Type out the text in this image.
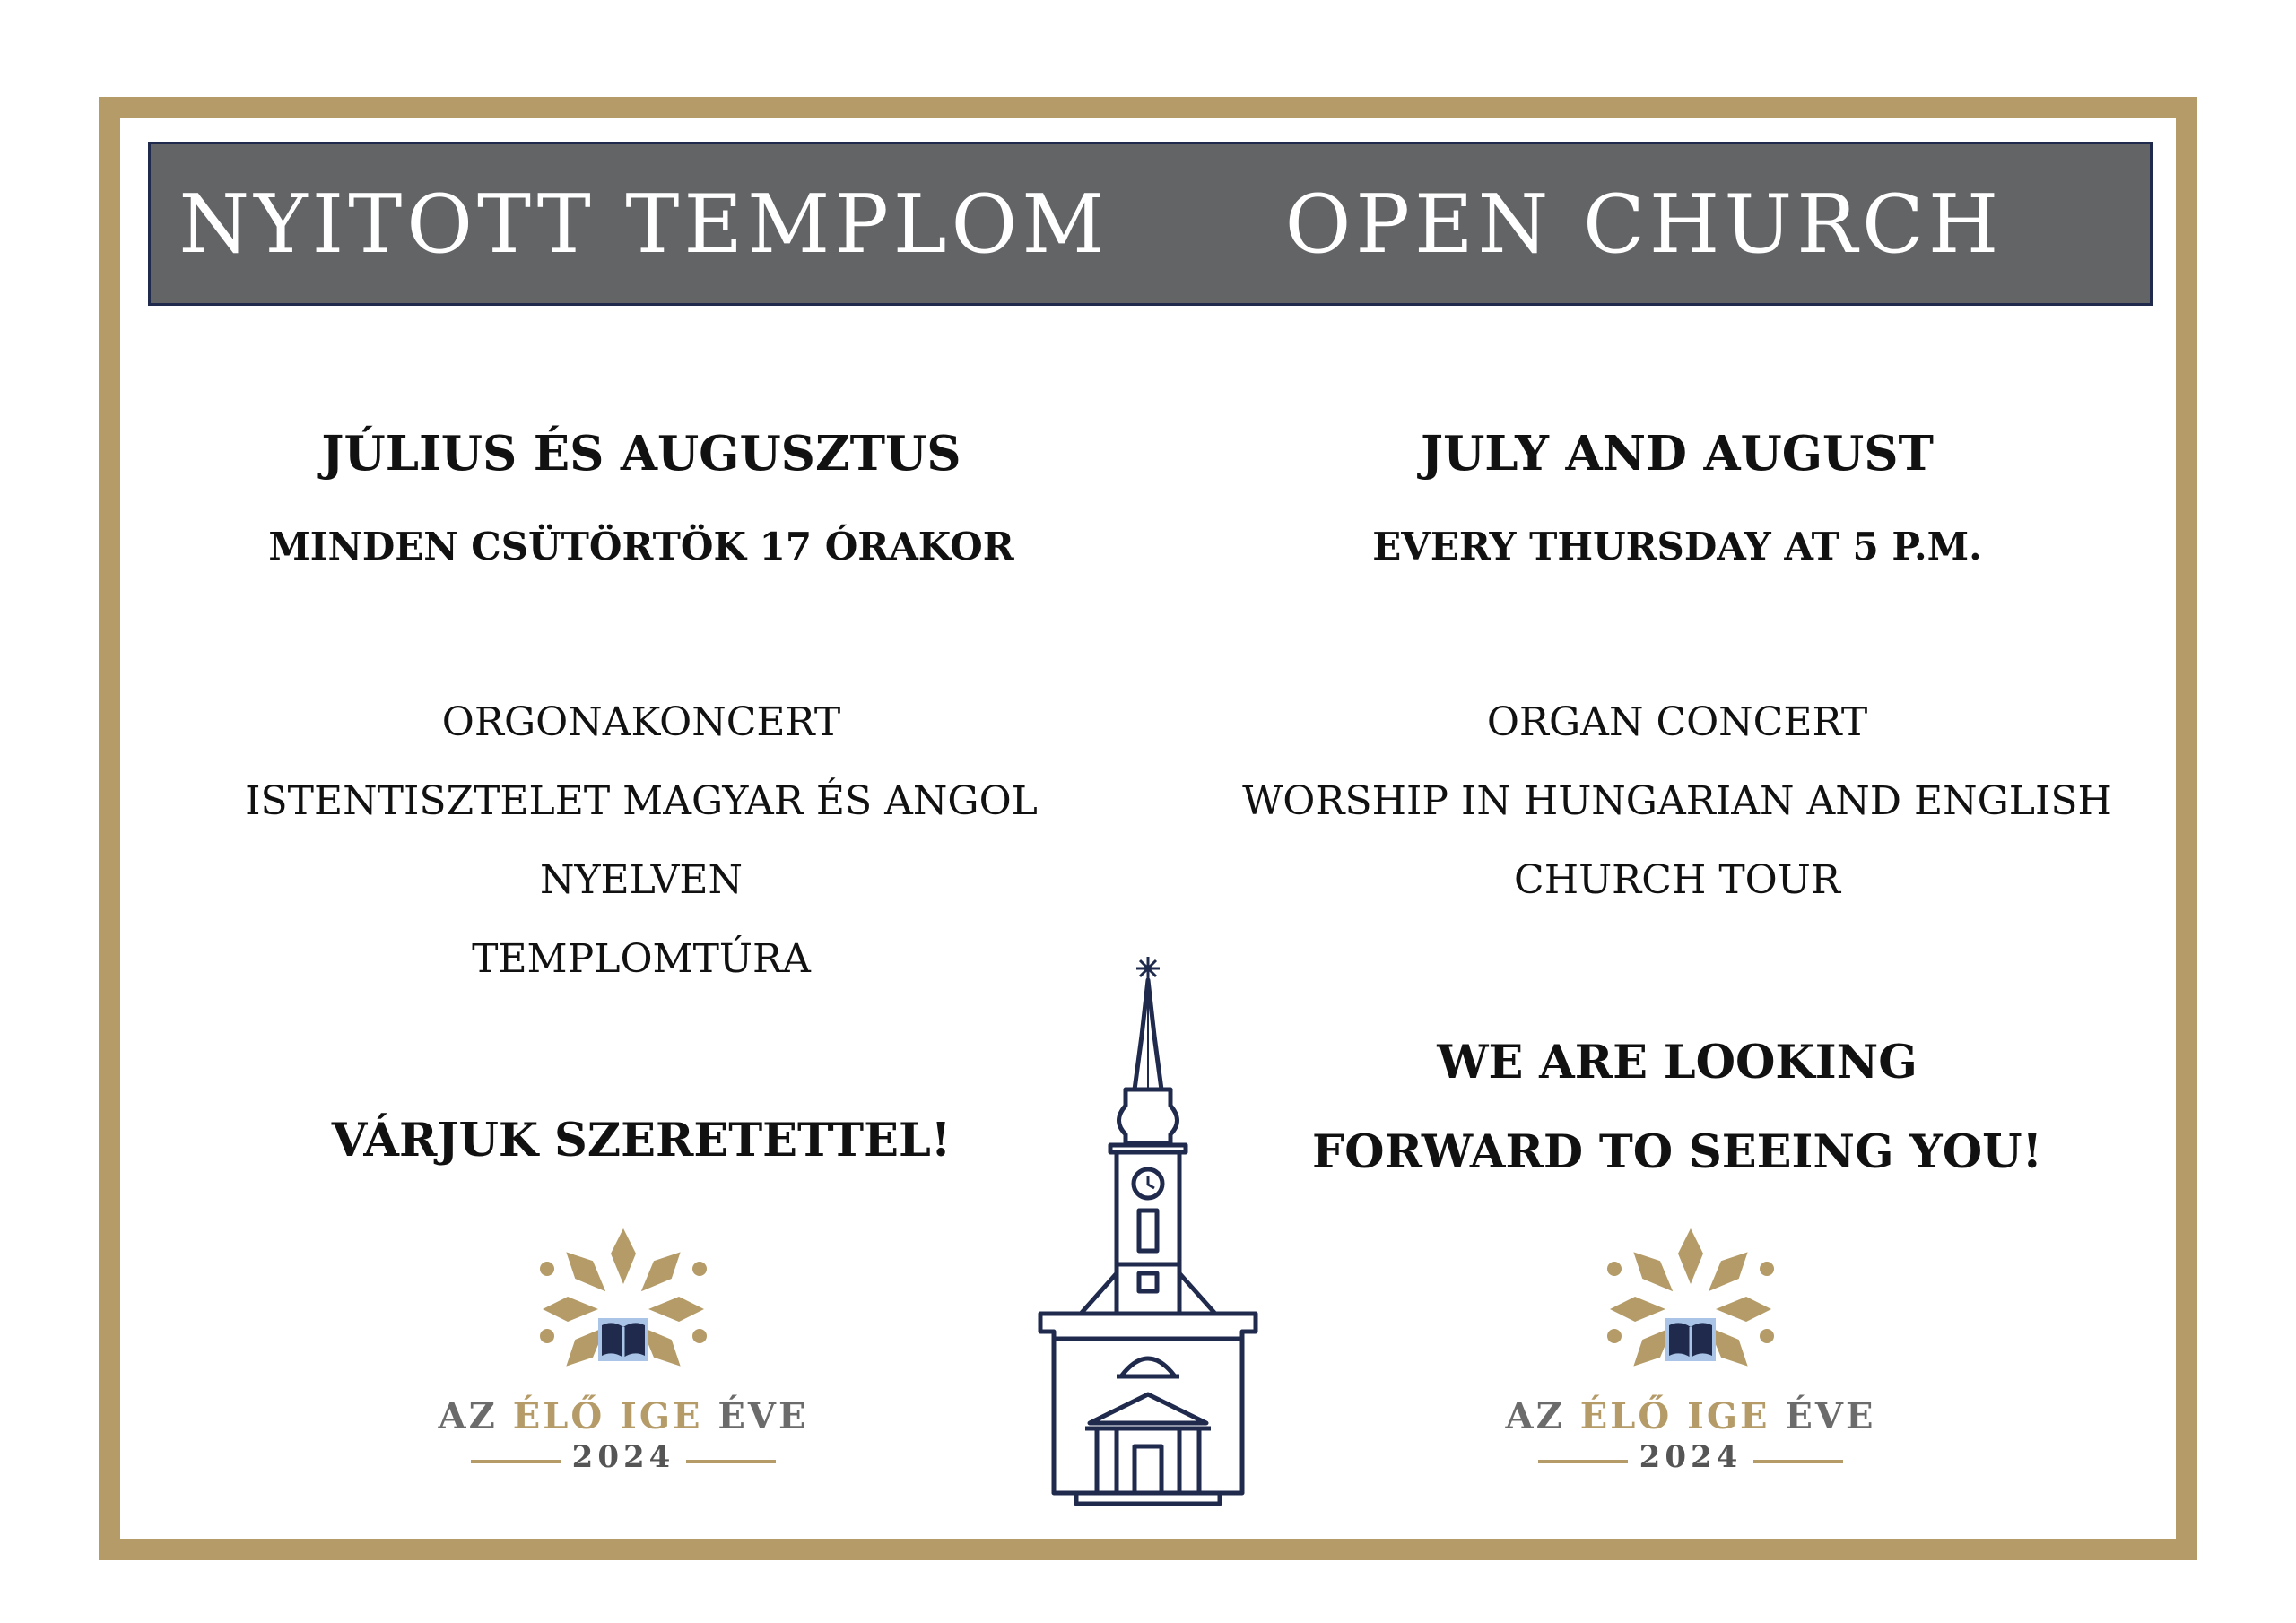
NYITOTT TEMPLOM	OPEN CHURCH
JÚLIUS ÉS AUGUSZTUS
MINDEN CSÜTÖRTÖK 17 ÓRAKOR
ORGONAKONCERT
ISTENTISZTELET MAGYAR ÉS ANGOL
NYELVEN
TEMPLOMTÚRA
VÁRJUK SZERETETTEL!
JULY AND AUGUST
EVERY THURSDAY AT 5 P.M.
ORGAN CONCERT
WORSHIP IN HUNGARIAN AND ENGLISH
CHURCH TOUR
WE ARE LOOKING
FORWARD TO SEEING YOU!
AZ ÉLŐ IGE ÉVE
2024
AZ ÉLŐ IGE ÉVE
2024
